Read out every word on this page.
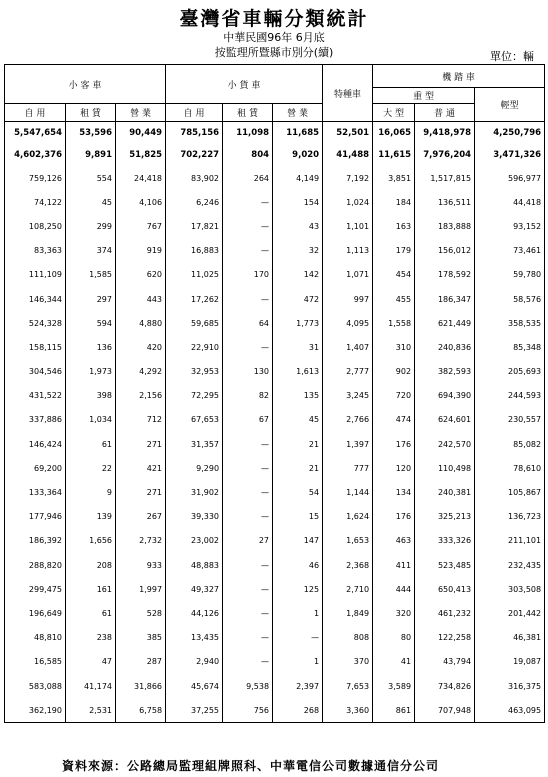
臺灣省車輛分類統計
中華民國96年 6月底
按監理所暨縣市別分(續)	單位：輛
小 客 車			小 貨 車			特種車	機 踏 車		
							重 型		輕型
自 用	租 賃	營 業	自 用	租 賃	營 業		大 型	普 通	
5,547,654	53,596	90,449	785,156	11,098	11,685	52,501	16,065	9,418,978	4,250,796
4,602,376	9,891	51,825	702,227	804	9,020	41,488	11,615	7,976,204	3,471,326
759,126	554	24,418	83,902	264	4,149	7,192	3,851	1,517,815	596,977
74,122	45	4,106	6,246	—	154	1,024	184	136,511	44,418
108,250	299	767	17,821	—	43	1,101	163	183,888	93,152
83,363	374	919	16,883	—	32	1,113	179	156,012	73,461
111,109	1,585	620	11,025	170	142	1,071	454	178,592	59,780
146,344	297	443	17,262	—	472	997	455	186,347	58,576
524,328	594	4,880	59,685	64	1,773	4,095	1,558	621,449	358,535
158,115	136	420	22,910	—	31	1,407	310	240,836	85,348
304,546	1,973	4,292	32,953	130	1,613	2,777	902	382,593	205,693
431,522	398	2,156	72,295	82	135	3,245	720	694,390	244,593
337,886	1,034	712	67,653	67	45	2,766	474	624,601	230,557
146,424	61	271	31,357	—	21	1,397	176	242,570	85,082
69,200	22	421	9,290	—	21	777	120	110,498	78,610
133,364	9	271	31,902	—	54	1,144	134	240,381	105,867
177,946	139	267	39,330	—	15	1,624	176	325,213	136,723
186,392	1,656	2,732	23,002	27	147	1,653	463	333,326	211,101
288,820	208	933	48,883	—	46	2,368	411	523,485	232,435
299,475	161	1,997	49,327	—	125	2,710	444	650,413	303,508
196,649	61	528	44,126	—	1	1,849	320	461,232	201,442
48,810	238	385	13,435	—	—	808	80	122,258	46,381
16,585	47	287	2,940	—	1	370	41	43,794	19,087
583,088	41,174	31,866	45,674	9,538	2,397	7,653	3,589	734,826	316,375
362,190	2,531	6,758	37,255	756	268	3,360	861	707,948	463,095
資料來源：公路總局監理組牌照科、中華電信公司數據通信分公司
